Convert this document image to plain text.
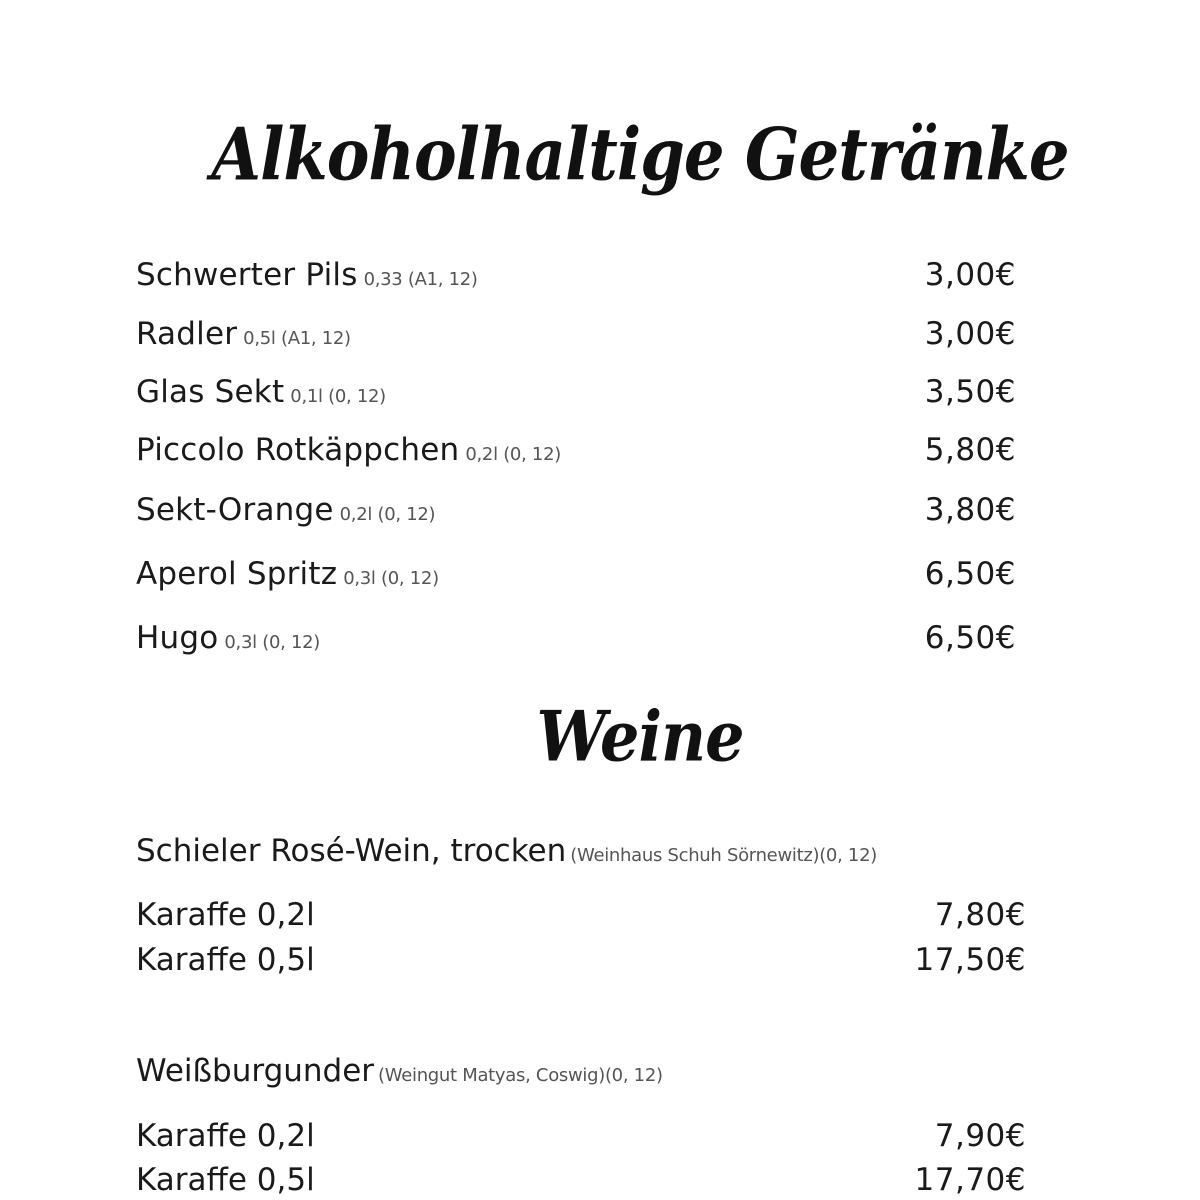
Alkoholhaltige Getränke
Schwerter Pils 0,33 (A1, 12)	3,00€
Radler 0,5l (A1, 12)	3,00€
Glas Sekt 0,1l (0, 12)	3,50€
Piccolo Rotkäppchen 0,2l (0, 12)	5,80€
Sekt-Orange 0,2l (0, 12)	3,80€
Aperol Spritz 0,3l (0, 12)	6,50€
Hugo 0,3l (0, 12)	6,50€
Weine
Schieler Rosé-Wein, trocken (Weinhaus Schuh Sörnewitz)(0, 12)
Karaffe 0,2l	7,80€
Karaffe 0,5l	17,50€
Weißburgunder (Weingut Matyas, Coswig)(0, 12)
Karaffe 0,2l	7,90€
Karaffe 0,5l	17,70€
